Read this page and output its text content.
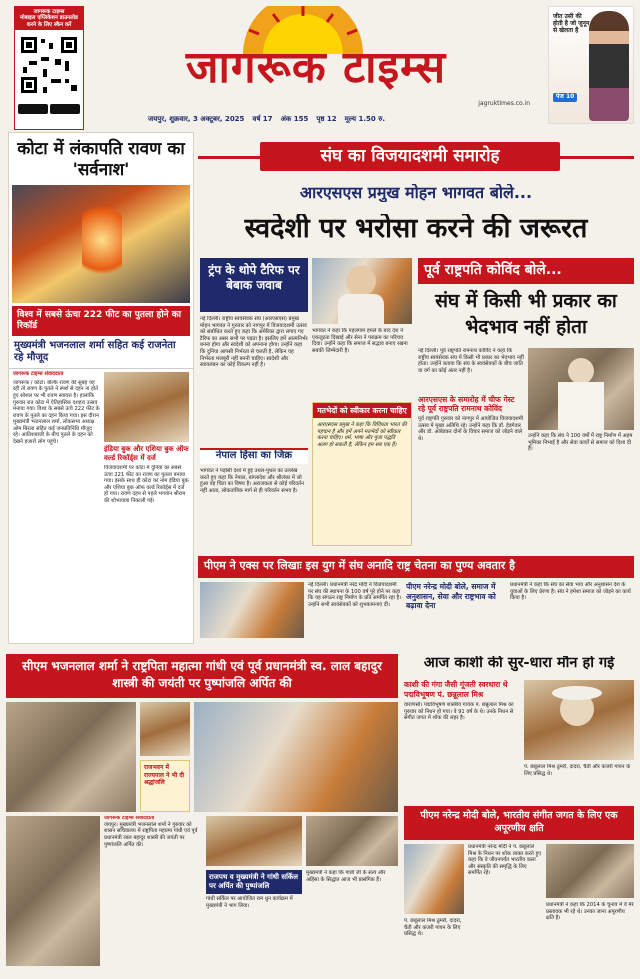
जागरूक टाइम्स
मोबाइल एप्लिकेशन डाउनलोड करने के लिए स्कैन करें
जागरूक टाइम्स
jagruktimes.co.in
जीत उसी की होती है जो जुनून से खेलता है
पेज 10
जयपुर, शुक्रवार, 3 अक्टूबर, 2025 वर्ष 17 अंक 155 पृष्ठ 12 मूल्य 1.50 रु.
कोटा में लंकापति रावण का 'सर्वनाश'
विश्व में सबसे ऊंचा 222 फीट का पुतला होने का रिकॉर्ड
मुख्यमंत्री भजनलाल शर्मा सहित कई राजनेता रहे मौजूद
जागरूक टाइम्स संवाददाता
जागरूक / कोटा। बल्कि रावण की सुबह यह रही तो रावण के पुतले ने स्पर्श से दहन ना होते हुए सोशल पर भी रावण स्वायत्त है। हालांकि गुरुवार रात कोटा में ऐतिहासिक दशहरा उत्सव मनाया गया। विश्व के सबसे ऊंचे 222 फीट के रावण के पुतले का दहन किया गया। इस दौरान मुख्यमंत्री भजनलाल शर्मा, लोकसभा अध्यक्ष ओम बिरला सहित कई जनप्रतिनिधि मौजूद रहे। आतिशबाजी के बीच पुतले के दहन को देखने हजारों लोग पहुंचे।
इंडिया बुक और एशिया बुक ऑफ वर्ल्ड रिकॉर्ड्स में दर्ज
विजयादशमी पर कोटा में दुनिया का सबसे ऊंचा 221 फीट का रावण का पुतला बनाया गया। इसके साथ ही कोटा का नाम इंडिया बुक और एशिया बुक ऑफ वर्ल्ड रिकॉर्ड्स में दर्ज हो गया। रावण दहन से पहले भगवान श्रीराम की शोभायात्रा निकाली गई।
संघ का विजयादशमी समारोह
आरएसएस प्रमुख मोहन भागवत बोले...
स्वदेशी पर भरोसा करने की जरूरत
ट्रंप के थोपे टैरिफ पर बेबाक जवाब
नई दिल्ली। राष्ट्रीय स्वयंसेवक संघ (आरएसएस) प्रमुख मोहन भागवत ने गुरुवार को नागपुर में विजयादशमी उत्सव को संबोधित करते हुए कहा कि अमेरिका द्वारा लगाए गए टैरिफ का असर सभी पर पड़ता है। इसलिए हमें आत्मनिर्भर बनना होगा और स्वदेशी को अपनाना होगा। उन्होंने कहा कि दुनिया आपसी निर्भरता से चलती है, लेकिन यह निर्भरता मजबूरी नहीं बननी चाहिए। स्वदेशी और स्वावलंबन का कोई विकल्प नहीं है।
नेपाल हिंसा का जिक्र
भागवत ने पड़ोसी देशों में हुई उथल-पुथल का उल्लेख करते हुए कहा कि नेपाल, बांग्लादेश और श्रीलंका में जो हुआ वह चिंता का विषय है। अराजकता से कोई परिवर्तन नहीं आता, लोकतांत्रिक मार्ग से ही परिवर्तन संभव है।
भागवत ने कहा कि पहलगाम हमले के बाद देश ने एकजुटता दिखाई और सेना ने पराक्रम का परिचय दिया। उन्होंने कहा कि समाज में सद्भाव बनाए रखना सबकी जिम्मेदारी है।
मतभेदों को स्वीकार करना चाहिए
आरएसएस प्रमुख ने कहा कि विविधता भारत की पहचान है और हमें अपने मतभेदों को स्वीकार करना चाहिए। धर्म, भाषा और पूजा पद्धति अलग हो सकती है, लेकिन हम सब एक हैं।
पूर्व राष्ट्रपति कोविंद बोले...
संघ में किसी भी प्रकार का भेदभाव नहीं होता
नई दिल्ली। पूर्व राष्ट्रपति रामनाथ कोविंद ने कहा कि राष्ट्रीय स्वयंसेवक संघ में किसी भी प्रकार का भेदभाव नहीं होता। उन्होंने बताया कि संघ के स्वयंसेवकों के बीच जाति या वर्ग का कोई अंतर नहीं है।
आरएसएस के समारोह में चीफ गेस्ट रहे पूर्व राष्ट्रपति रामनाथ कोविंद
पूर्व राष्ट्रपति गुरुवार को नागपुर में आयोजित विजयादशमी उत्सव में मुख्य अतिथि रहे। उन्होंने कहा कि डॉ. हेडगेवार और डॉ. आंबेडकर दोनों के विचार समाज को जोड़ने वाले थे।	उन्होंने कहा कि संघ ने 100 वर्षों में राष्ट्र निर्माण में अहम भूमिका निभाई है और सेवा कार्यों से समाज को दिशा दी है।
पीएम ने एक्स पर लिखाः इस युग में संघ अनादि राष्ट्र चेतना का पुण्य अवतार है
नई दिल्ली। प्रधानमंत्री नरेंद्र मोदी ने विजयादशमी पर संघ की स्थापना के 100 वर्ष पूरे होने पर कहा कि यह संगठन राष्ट्र निर्माण के प्रति समर्पित रहा है। उन्होंने सभी स्वयंसेवकों को शुभकामनाएं दीं।
पीएम नरेन्द्र मोदी बोले, समाज में अनुशासन, सेवा और राष्ट्रभाव को बढ़ावा देना
प्रधानमंत्री ने कहा कि संघ का सेवा भाव और अनुशासन देश के युवाओं के लिए प्रेरणा है। संघ ने हमेशा समाज को जोड़ने का कार्य किया है।
सीएम भजनलाल शर्मा ने राष्ट्रपिता महात्मा गांधी एवं पूर्व प्रधानमंत्री स्व. लाल बहादुर शास्त्री की जयंती पर पुष्पांजलि अर्पित की
राजभवन में राज्यपाल ने भी दी श्रद्धांजलि
जागरूक टाइम्स संवाददाता
जयपुर। मुख्यमंत्री भजनलाल शर्मा ने गुरुवार को शासन सचिवालय में राष्ट्रपिता महात्मा गांधी एवं पूर्व प्रधानमंत्री लाल बहादुर शास्त्री की जयंती पर पुष्पांजलि अर्पित की।
राजपथ व मुख्यमंत्री ने गांधी सर्किल पर अर्पित की पुष्पांजलि
गांधी सर्किल पर आयोजित राम धुन कार्यक्रम में मुख्यमंत्री ने भाग लिया।
मुख्यमंत्री ने कहा कि गांधी जी के सत्य और अहिंसा के सिद्धांत आज भी प्रासंगिक हैं।
आज काशी की सुर-धारा मौन हो गई
काशी की गंगा जैसी गूंजती स्वरधारा थे पद्मविभूषण पं. छन्नूलाल मिश्र
वाराणसी। पद्मविभूषण शास्त्रीय गायक पं. छन्नूलाल मिश्र का गुरुवार को निधन हो गया। वे 91 वर्ष के थे। उनके निधन से संगीत जगत में शोक की लहर है।
पं. छन्नूलाल मिश्र ठुमरी, दादरा, चैती और कजरी गायन के लिए प्रसिद्ध थे।
पीएम नरेन्द्र मोदी बोले, भारतीय संगीत जगत के लिए एक अपूरणीय क्षति
प्रधानमंत्री नरेन्द्र मोदी ने पं. छन्नूलाल मिश्र के निधन पर शोक व्यक्त करते हुए कहा कि वे जीवनपर्यंत भारतीय कला और संस्कृति की समृद्धि के लिए समर्पित रहे।
प्रधानमंत्री ने कहा कि 2014 के चुनाव में वे मेरे प्रस्तावक भी रहे थे। उनका जाना अपूरणीय क्षति है।
पं. छन्नूलाल मिश्र ठुमरी, दादरा, चैती और कजरी गायन के लिए प्रसिद्ध थे।
